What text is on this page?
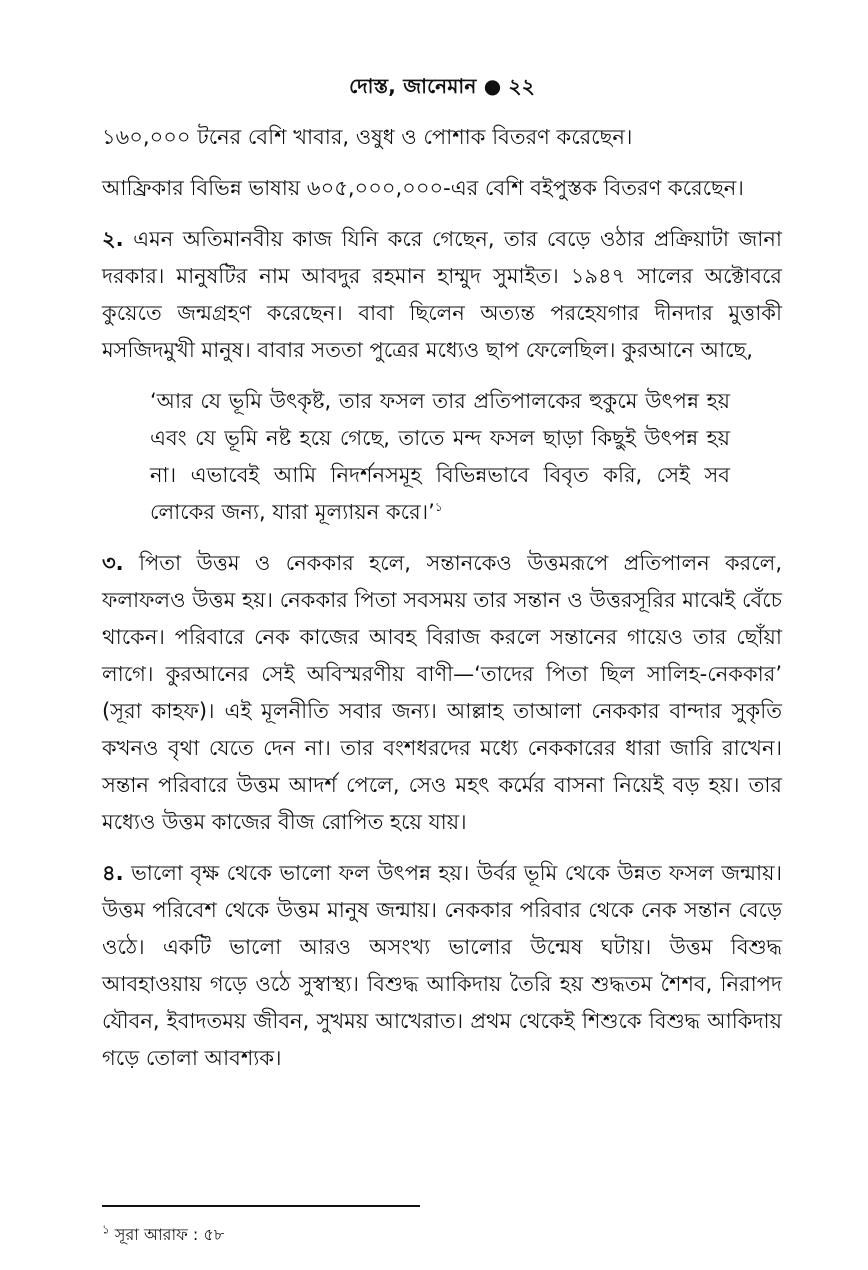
দোস্ত, জানেমান ● ২২

১৬০,০০০ টনের বেশি খাবার, ওষুধ ও পোশাক বিতরণ করেছেন।

আফ্রিকার বিভিন্ন ভাষায় ৬০৫,০০০,০০০-এর বেশি বইপুস্তক বিতরণ করেছেন।

২. এমন অতিমানবীয় কাজ যিনি করে গেছেন, তার বেড়ে ওঠার প্রক্রিয়াটা জানা দরকার। মানুষটির নাম আবদুর রহমান হাম্মুদ সুমাইত। ১৯৪৭ সালের অক্টোবরে কুয়েতে জন্মগ্রহণ করেছেন। বাবা ছিলেন অত্যন্ত পরহেযগার দীনদার মুত্তাকী মসজিদমুখী মানুষ। বাবার সততা পুত্রের মধ্যেও ছাপ ফেলেছিল। কুরআনে আছে,

‘আর যে ভূমি উৎকৃষ্ট, তার ফসল তার প্রতিপালকের হুকুমে উৎপন্ন হয় এবং যে ভূমি নষ্ট হয়ে গেছে, তাতে মন্দ ফসল ছাড়া কিছুই উৎপন্ন হয় না। এভাবেই আমি নিদর্শনসমূহ বিভিন্নভাবে বিবৃত করি, সেই সব লোকের জন্য, যারা মূল্যায়ন করে।’$^১$

৩. পিতা উত্তম ও নেককার হলে, সন্তানকেও উত্তমরূপে প্রতিপালন করলে, ফলাফলও উত্তম হয়। নেককার পিতা সবসময় তার সন্তান ও উত্তরসূরির মাঝেই বেঁচে থাকেন। পরিবারে নেক কাজের আবহ বিরাজ করলে সন্তানের গায়েও তার ছোঁয়া লাগে। কুরআনের সেই অবিস্মরণীয় বাণী—‘তাদের পিতা ছিল সালিহ-নেককার’ (সূরা কাহফ)। এই মূলনীতি সবার জন্য। আল্লাহ তাআলা নেককার বান্দার সুকৃতি কখনও বৃথা যেতে দেন না। তার বংশধরদের মধ্যে নেককারের ধারা জারি রাখেন। সন্তান পরিবারে উত্তম আদর্শ পেলে, সেও মহৎ কর্মের বাসনা নিয়েই বড় হয়। তার মধ্যেও উত্তম কাজের বীজ রোপিত হয়ে যায়।

৪. ভালো বৃক্ষ থেকে ভালো ফল উৎপন্ন হয়। উর্বর ভূমি থেকে উন্নত ফসল জন্মায়। উত্তম পরিবেশ থেকে উত্তম মানুষ জন্মায়। নেককার পরিবার থেকে নেক সন্তান বেড়ে ওঠে। একটি ভালো আরও অসংখ্য ভালোর উন্মেষ ঘটায়। উত্তম বিশুদ্ধ আবহাওয়ায় গড়ে ওঠে সুস্বাস্থ্য। বিশুদ্ধ আকিদায় তৈরি হয় শুদ্ধতম শৈশব, নিরাপদ যৌবন, ইবাদতময় জীবন, সুখময় আখেরাত। প্রথম থেকেই শিশুকে বিশুদ্ধ আকিদায় গড়ে তোলা আবশ্যক।

$^১$ সূরা আরাফ : ৫৮
